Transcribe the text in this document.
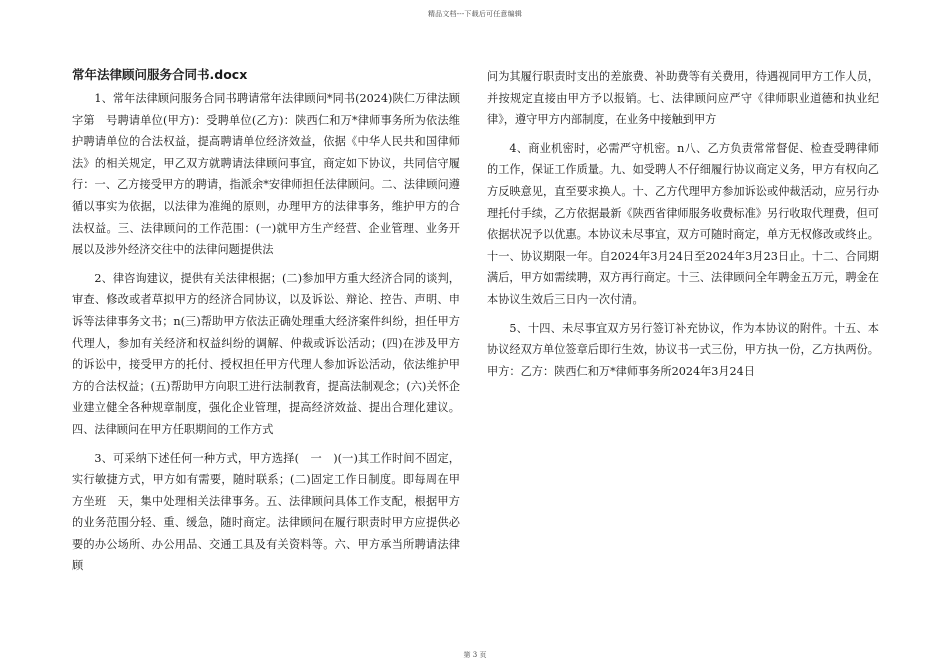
精品文档---下载后可任意编辑
常年法律顾问服务合同书.docx

1、常年法律顾问服务合同书聘请常年法律顾问*同书(2024)陕仁万律法顾字第　号聘请单位(甲方)：受聘单位(乙方)：陕西仁和万*律师事务所为依法维护聘请单位的合法权益，提高聘请单位经济效益，依据《中华人民共和国律师法》的相关规定，甲乙双方就聘请法律顾问事宜，商定如下协议，共同信守履行：一、乙方接受甲方的聘请，指派余*安律师担任法律顾问。二、法律顾问遵循以事实为依据，以法律为准绳的原则，办理甲方的法律事务，维护甲方的合法权益。三、法律顾问的工作范围：(一)就甲方生产经营、企业管理、业务开展以及涉外经济交往中的法律问题提供法

2、律咨询建议，提供有关法律根据；(二)参加甲方重大经济合同的谈判，审查、修改或者草拟甲方的经济合同协议，以及诉讼、辩论、控告、声明、申诉等法律事务文书；n(三)帮助甲方依法正确处理重大经济案件纠纷，担任甲方代理人，参加有关经济和权益纠纷的调解、仲裁或诉讼活动；(四)在涉及甲方的诉讼中，接受甲方的托付、授权担任甲方代理人参加诉讼活动，依法维护甲方的合法权益；(五)帮助甲方向职工进行法制教育，提高法制观念；(六)关怀企业建立健全各种规章制度，强化企业管理，提高经济效益、提出合理化建议。四、法律顾问在甲方任职期间的工作方式

3、可采纳下述任何一种方式，甲方选择(　一　)(一)其工作时间不固定，实行敏捷方式，甲方如有需要，随时联系；(二)固定工作日制度。即每周在甲方坐班　天，集中处理相关法律事务。五、法律顾问具体工作支配，根据甲方的业务范围分轻、重、缓急，随时商定。法律顾问在履行职责时甲方应提供必要的办公场所、办公用品、交通工具及有关资料等。六、甲方承当所聘请法律顾

问为其履行职责时支出的差旅费、补助费等有关费用，待遇视同甲方工作人员，并按规定直接由甲方予以报销。七、法律顾问应严守《律师职业道德和执业纪律》，遵守甲方内部制度，在业务中接触到甲方

4、商业机密时，必需严守机密。n八、乙方负责常常督促、检查受聘律师的工作，保证工作质量。九、如受聘人不仔细履行协议商定义务，甲方有权向乙方反映意见，直至要求换人。十、乙方代理甲方参加诉讼或仲裁活动，应另行办理托付手续，乙方依据最新《陕西省律师服务收费标准》另行收取代理费，但可依据状况予以优惠。本协议未尽事宜，双方可随时商定，单方无权修改或终止。十一、协议期限一年。自2024年3月24日至2024年3月23日止。十二、合同期满后，甲方如需续聘，双方再行商定。十三、法律顾问全年聘金五万元，聘金在本协议生效后三日内一次付清。

5、十四、未尽事宜双方另行签订补充协议，作为本协议的附件。十五、本协议经双方单位签章后即行生效，协议书一式三份，甲方执一份，乙方执两份。甲方：乙方：陕西仁和万*律师事务所2024年3月24日

第 3 页
